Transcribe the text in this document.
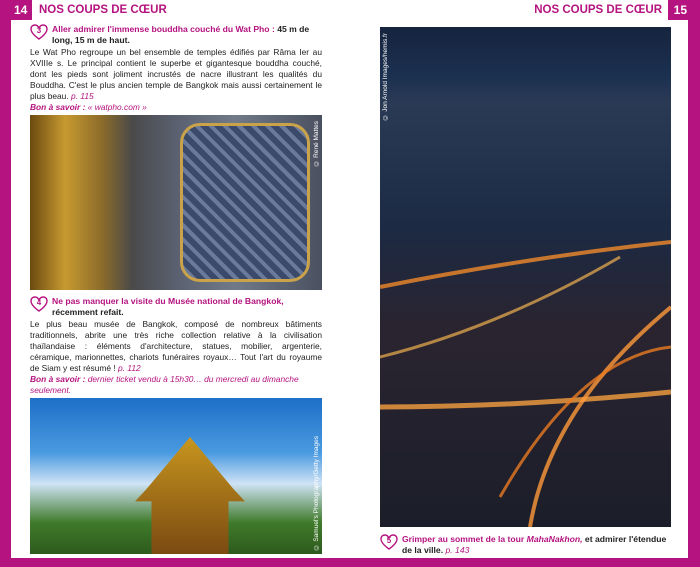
14 NOS COUPS DE CŒUR
3	Aller admirer l'immense bouddha couché du Wat Pho : 45 m de long, 15 m de haut.
Le Wat Pho regroupe un bel ensemble de temples édifiés par Râma Ier au XVIIIe s. Le principal contient le superbe et gigantesque bouddha couché, dont les pieds sont joliment incrustés de nacre illustrant les qualités du Bouddha. C'est le plus ancien temple de Bangkok mais aussi certainement le plus beau. p. 115
Bon à savoir : « watpho.com »
© René Mattes
4	Ne pas manquer la visite du Musée national de Bangkok, récemment refait.
Le plus beau musée de Bangkok, composé de nombreux bâtiments traditionnels, abrite une très riche collection relative à la civilisation thaïlandaise : éléments d'architecture, statues, mobilier, argenterie, céramique, marionnettes, chariots funéraires royaux… Tout l'art du royaume de Siam y est résumé ! p. 112
Bon à savoir : dernier ticket vendu à 15h30… du mercredi au dimanche seulement.
© Samuel's Photography/Getty Images
15
NOS COUPS DE CŒUR
© Jon Arnold Images/hemis.fr
5	Grimper au sommet de la tour MahaNakhon, et admirer l'étendue de la ville. p. 143
